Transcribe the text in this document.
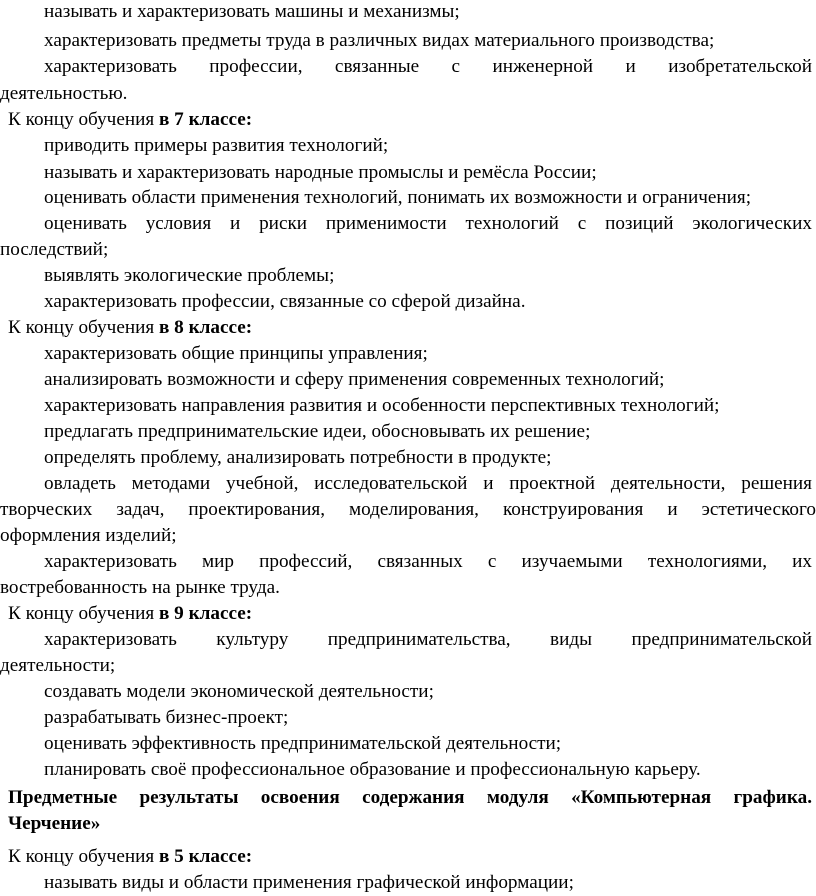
называть и характеризовать машины и механизмы;
характеризовать предметы труда в различных видах материального производства;
характеризовать профессии, связанные с инженерной и изобретательской
деятельностью.
К концу обучения в 7 классе:
приводить примеры развития технологий;
называть и характеризовать народные промыслы и ремёсла России;
оценивать области применения технологий, понимать их возможности и ограничения;
оценивать условия и риски применимости технологий с позиций экологических
последствий;
выявлять экологические проблемы;
характеризовать профессии, связанные со сферой дизайна.
К концу обучения в 8 классе:
характеризовать общие принципы управления;
анализировать возможности и сферу применения современных технологий;
характеризовать направления развития и особенности перспективных технологий;
предлагать предпринимательские идеи, обосновывать их решение;
определять проблему, анализировать потребности в продукте;
овладеть методами учебной, исследовательской и проектной деятельности, решения
творческих задач, проектирования, моделирования, конструирования и эстетического
оформления изделий;
характеризовать мир профессий, связанных с изучаемыми технологиями, их
востребованность на рынке труда.
К концу обучения в 9 классе:
характеризовать культуру предпринимательства, виды предпринимательской
деятельности;
создавать модели экономической деятельности;
разрабатывать бизнес-проект;
оценивать эффективность предпринимательской деятельности;
планировать своё профессиональное образование и профессиональную карьеру.
Предметные результаты освоения содержания модуля «Компьютерная графика.
Черчение»
К концу обучения в 5 классе:
называть виды и области применения графической информации;
